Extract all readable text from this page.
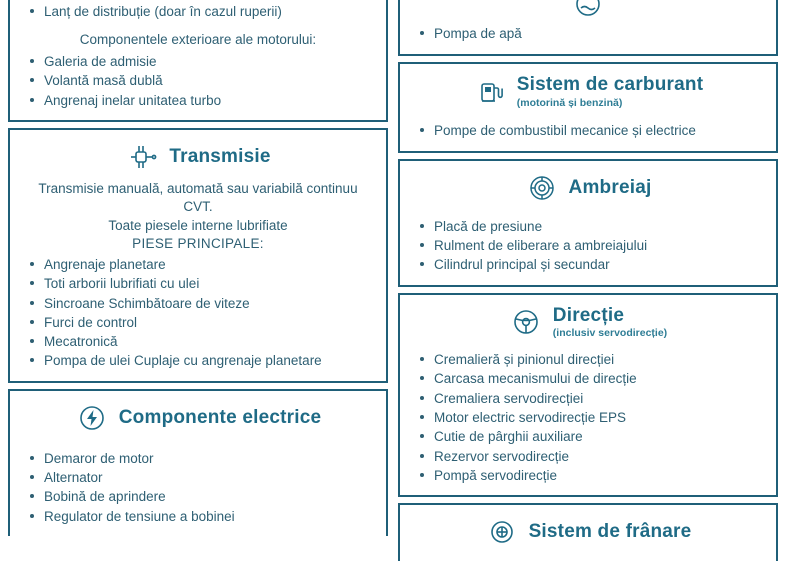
Lanț de distribuție (doar în cazul ruperii)
Componentele exterioare ale motorului:
Galeria de admisie
Volantă masă dublă
Angrenaj inelar unitatea turbo
Transmisie
Transmisie manuală, automată sau variabilă continuu
CVT.
Toate piesele interne lubrifiate
PIESE PRINCIPALE:
Angrenaje planetare
Toti arborii lubrifiati cu ulei
Sincroane Schimbătoare de viteze
Furci de control
Mecatronică
Pompa de ulei Cuplaje cu angrenaje planetare
Componente electrice
Demaror de motor
Alternator
Bobină de aprindere
Regulator de tensiune a bobinei
Pompa de apă
Sistem de carburant
(motorină și benzină)
Pompe de combustibil mecanice și electrice
Ambreiaj
Placă de presiune
Rulment de eliberare a ambreiajului
Cilindrul principal și secundar
Direcție
(inclusiv servodirecție)
Cremalieră și pinionul direcției
Carcasa mecanismului de direcție
Cremaliera servodirecției
Motor electric servodirecție EPS
Cutie de pârghii auxiliare
Rezervor servodirecție
Pompă servodirecție
Sistem de frânare
